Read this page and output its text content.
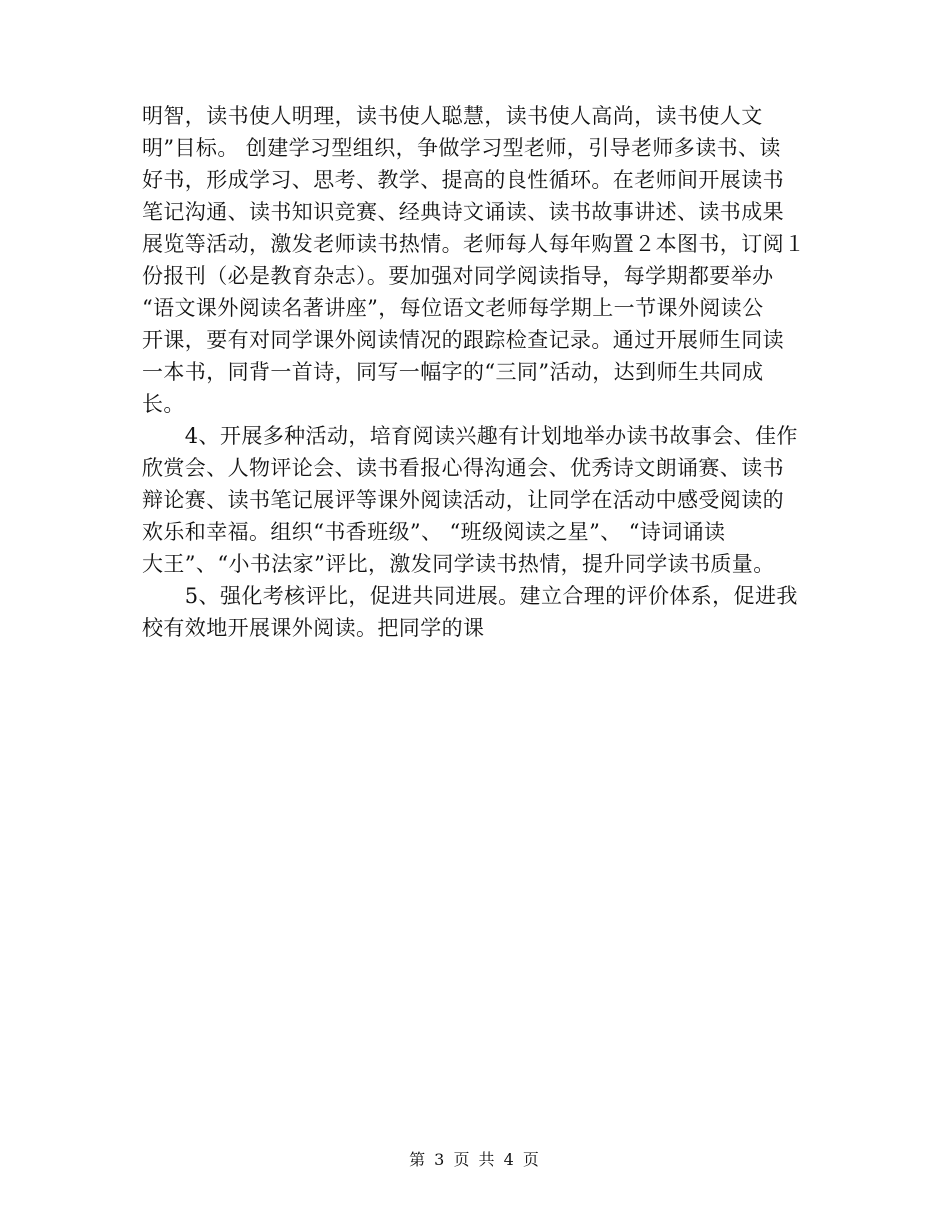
明智，读书使人明理，读书使人聪慧，读书使人高尚，读书使人文
明”目标。 创建学习型组织，争做学习型老师，引导老师多读书、读
好书，形成学习、思考、教学、提高的良性循环。在老师间开展读书
笔记沟通、读书知识竞赛、经典诗文诵读、读书故事讲述、读书成果
展览等活动，激发老师读书热情。老师每人每年购置２本图书，订阅１
份报刊（必是教育杂志）。要加强对同学阅读指导，每学期都要举办
“语文课外阅读名著讲座”，每位语文老师每学期上一节课外阅读公
开课，要有对同学课外阅读情况的跟踪检查记录。通过开展师生同读
一本书，同背一首诗，同写一幅字的“三同”活动，达到师生共同成
长。
　　4、开展多种活动，培育阅读兴趣有计划地举办读书故事会、佳作
欣赏会、人物评论会、读书看报心得沟通会、优秀诗文朗诵赛、读书
辩论赛、读书笔记展评等课外阅读活动，让同学在活动中感受阅读的
欢乐和幸福。组织“书香班级”、 “班级阅读之星”、 “诗词诵读
大王”、“小书法家”评比，激发同学读书热情，提升同学读书质量。
　　5、强化考核评比，促进共同进展。建立合理的评价体系，促进我
校有效地开展课外阅读。把同学的课
第 3 页 共 4 页
